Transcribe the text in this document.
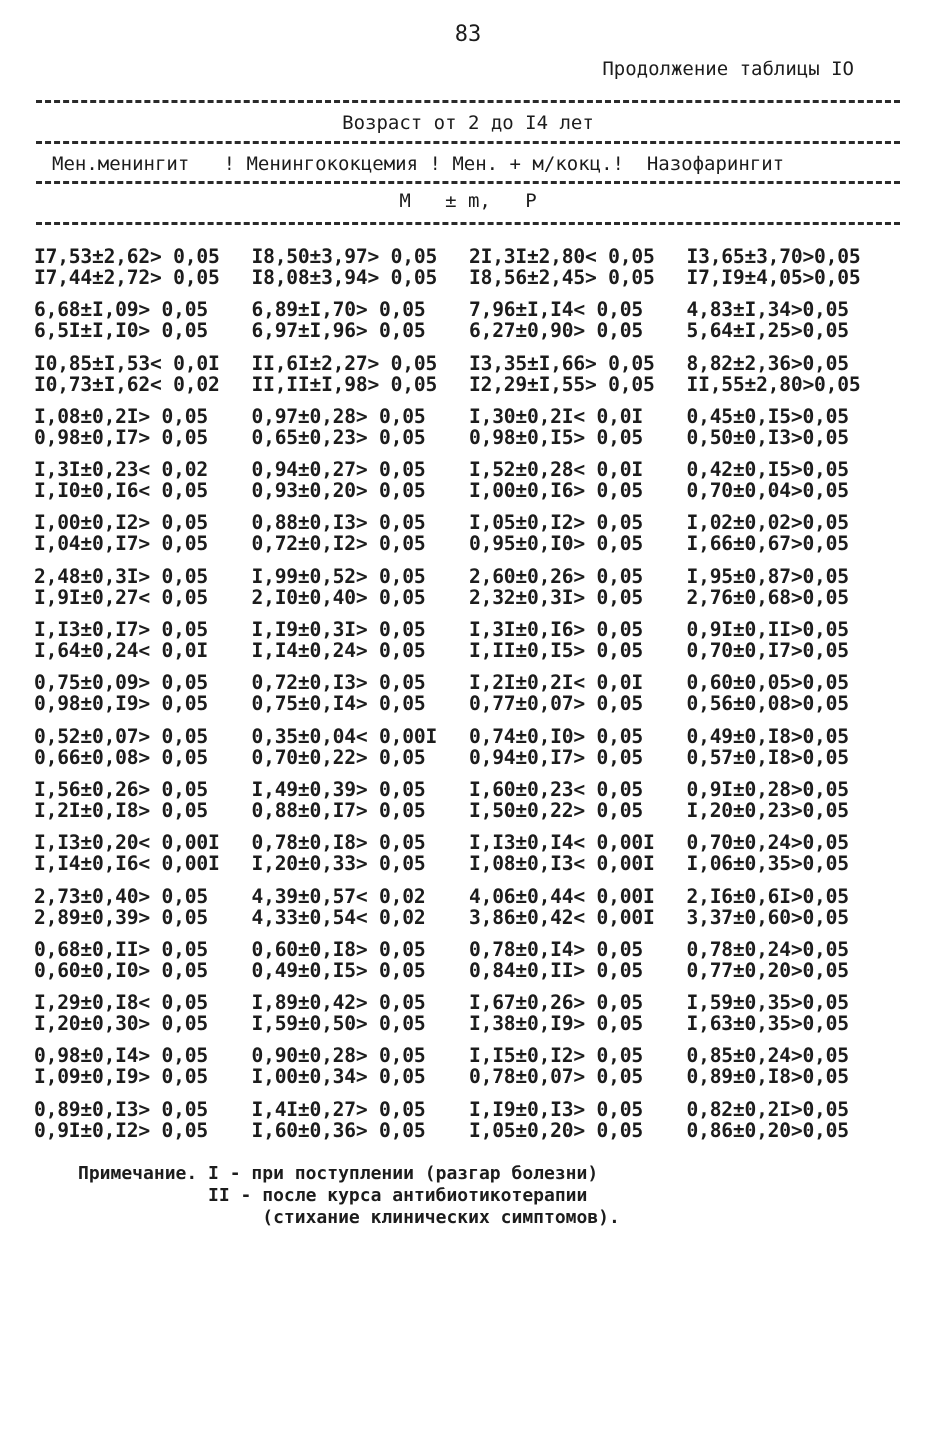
83
Продолжение таблицы IO
Возраст от 2 до I4 лет
Мен.менингит   ! Менингококцемия ! Мен. + м/кокц.!  Назофарингит
M   ± m,   P
I7,53±2,62> 0,05
I7,44±2,72> 0,05
I8,50±3,97> 0,05
I8,08±3,94> 0,05
2I,3I±2,80< 0,05
I8,56±2,45> 0,05
I3,65±3,70>0,05
I7,I9±4,05>0,05
6,68±I,09> 0,05
6,5I±I,I0> 0,05
6,89±I,70> 0,05
6,97±I,96> 0,05
7,96±I,I4< 0,05
6,27±0,90> 0,05
4,83±I,34>0,05
5,64±I,25>0,05
I0,85±I,53< 0,0I
I0,73±I,62< 0,02
II,6I±2,27> 0,05
II,II±I,98> 0,05
I3,35±I,66> 0,05
I2,29±I,55> 0,05
8,82±2,36>0,05
II,55±2,80>0,05
I,08±0,2I> 0,05
0,98±0,I7> 0,05
0,97±0,28> 0,05
0,65±0,23> 0,05
I,30±0,2I< 0,0I
0,98±0,I5> 0,05
0,45±0,I5>0,05
0,50±0,I3>0,05
I,3I±0,23< 0,02
I,I0±0,I6< 0,05
0,94±0,27> 0,05
0,93±0,20> 0,05
I,52±0,28< 0,0I
I,00±0,I6> 0,05
0,42±0,I5>0,05
0,70±0,04>0,05
I,00±0,I2> 0,05
I,04±0,I7> 0,05
0,88±0,I3> 0,05
0,72±0,I2> 0,05
I,05±0,I2> 0,05
0,95±0,I0> 0,05
I,02±0,02>0,05
I,66±0,67>0,05
2,48±0,3I> 0,05
I,9I±0,27< 0,05
I,99±0,52> 0,05
2,I0±0,40> 0,05
2,60±0,26> 0,05
2,32±0,3I> 0,05
I,95±0,87>0,05
2,76±0,68>0,05
I,I3±0,I7> 0,05
I,64±0,24< 0,0I
I,I9±0,3I> 0,05
I,I4±0,24> 0,05
I,3I±0,I6> 0,05
I,II±0,I5> 0,05
0,9I±0,II>0,05
0,70±0,I7>0,05
0,75±0,09> 0,05
0,98±0,I9> 0,05
0,72±0,I3> 0,05
0,75±0,I4> 0,05
I,2I±0,2I< 0,0I
0,77±0,07> 0,05
0,60±0,05>0,05
0,56±0,08>0,05
0,52±0,07> 0,05
0,66±0,08> 0,05
0,35±0,04< 0,00I
0,70±0,22> 0,05
0,74±0,I0> 0,05
0,94±0,I7> 0,05
0,49±0,I8>0,05
0,57±0,I8>0,05
I,56±0,26> 0,05
I,2I±0,I8> 0,05
I,49±0,39> 0,05
0,88±0,I7> 0,05
I,60±0,23< 0,05
I,50±0,22> 0,05
0,9I±0,28>0,05
I,20±0,23>0,05
I,I3±0,20< 0,00I
I,I4±0,I6< 0,00I
0,78±0,I8> 0,05
I,20±0,33> 0,05
I,I3±0,I4< 0,00I
I,08±0,I3< 0,00I
0,70±0,24>0,05
I,06±0,35>0,05
2,73±0,40> 0,05
2,89±0,39> 0,05
4,39±0,57< 0,02
4,33±0,54< 0,02
4,06±0,44< 0,00I
3,86±0,42< 0,00I
2,I6±0,6I>0,05
3,37±0,60>0,05
0,68±0,II> 0,05
0,60±0,I0> 0,05
0,60±0,I8> 0,05
0,49±0,I5> 0,05
0,78±0,I4> 0,05
0,84±0,II> 0,05
0,78±0,24>0,05
0,77±0,20>0,05
I,29±0,I8< 0,05
I,20±0,30> 0,05
I,89±0,42> 0,05
I,59±0,50> 0,05
I,67±0,26> 0,05
I,38±0,I9> 0,05
I,59±0,35>0,05
I,63±0,35>0,05
0,98±0,I4> 0,05
I,09±0,I9> 0,05
0,90±0,28> 0,05
I,00±0,34> 0,05
I,I5±0,I2> 0,05
0,78±0,07> 0,05
0,85±0,24>0,05
0,89±0,I8>0,05
0,89±0,I3> 0,05
0,9I±0,I2> 0,05
I,4I±0,27> 0,05
I,60±0,36> 0,05
I,I9±0,I3> 0,05
I,05±0,20> 0,05
0,82±0,2I>0,05
0,86±0,20>0,05
Примечание. I - при поступлении (разгар болезни)
II - после курса антибиотикотерапии
(стихание клинических симптомов).
